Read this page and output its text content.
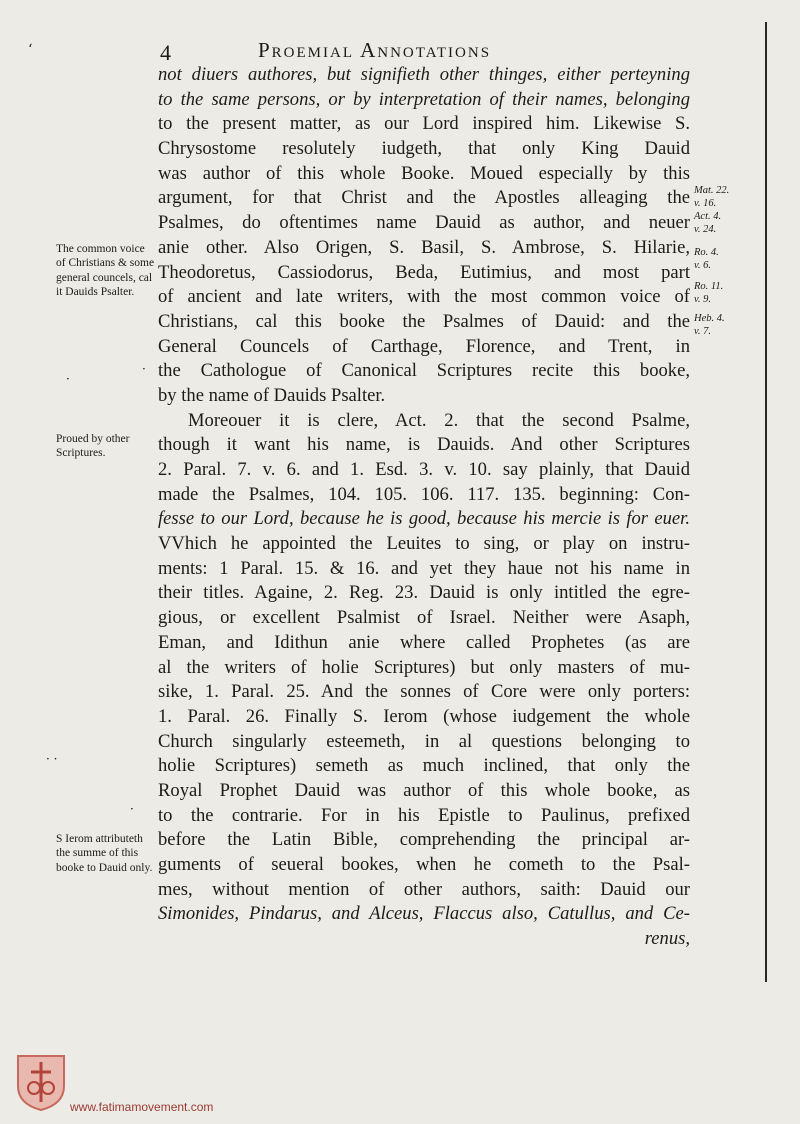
‘	4	Proemial Annotations
not diuers authores, but signifieth other thinges, either perteyning
to the same persons, or by interpretation of their names, belonging
to the present matter, as our Lord inspired him. Likewise S.
Chrysostome resolutely iudgeth, that only King Dauid
was author of this whole Booke. Moued especially by this
argument, for that Christ and the Apostles alleaging the
Psalmes, do oftentimes name Dauid as author, and neuer
anie other. Also Origen, S. Basil, S. Ambrose, S. Hilarie,
Theodoretus, Cassiodorus, Beda, Eutimius, and most part
of ancient and late writers, with the most common voice of
Christians, cal this booke the Psalmes of Dauid: and the
General Councels of Carthage, Florence, and Trent, in
the Cathologue of Canonical Scriptures recite this booke,
by the name of Dauids Psalter.
Moreouer it is clere, Act. 2. that the second Psalme,
though it want his name, is Dauids. And other Scriptures
2. Paral. 7. v. 6. and 1. Esd. 3. v. 10. say plainly, that Dauid
made the Psalmes, 104. 105. 106. 117. 135. beginning: Con-
fesse to our Lord, because he is good, because his mercie is for euer.
VVhich he appointed the Leuites to sing, or play on instru-
ments: 1 Paral. 15. & 16. and yet they haue not his name in
their titles. Againe, 2. Reg. 23. Dauid is only intitled the egre-
gious, or excellent Psalmist of Israel. Neither were Asaph,
Eman, and Idithun anie where called Prophetes (as are
al the writers of holie Scriptures) but only masters of mu-
sike, 1. Paral. 25. And the sonnes of Core were only porters:
1. Paral. 26. Finally S. Ierom (whose iudgement the whole
Church singularly esteemeth, in al questions belonging to
holie Scriptures) semeth as much inclined, that only the
Royal Prophet Dauid was author of this whole booke, as
to the contrarie. For in his Epistle to Paulinus, prefixed
before the Latin Bible, comprehending the principal ar-
guments of seueral bookes, when he cometh to the Psal-
mes, without mention of other authors, saith: Dauid our
Simonides, Pindarus, and Alceus, Flaccus also, Catullus, and Ce-
renus,
The common voice of Christians & some general councels, cal it Dauids Psalter.
Proued by other Scriptures.
S Ierom attributeth the summe of this booke to Dauid only.
·
·
· ·
·
Mat. 22.
v. 16.
Act. 4.
v. 24.
Ro. 4.
v. 6.
Ro. 11.
v. 9.
Heb. 4.
v. 7.
www.fatimamovement.com
